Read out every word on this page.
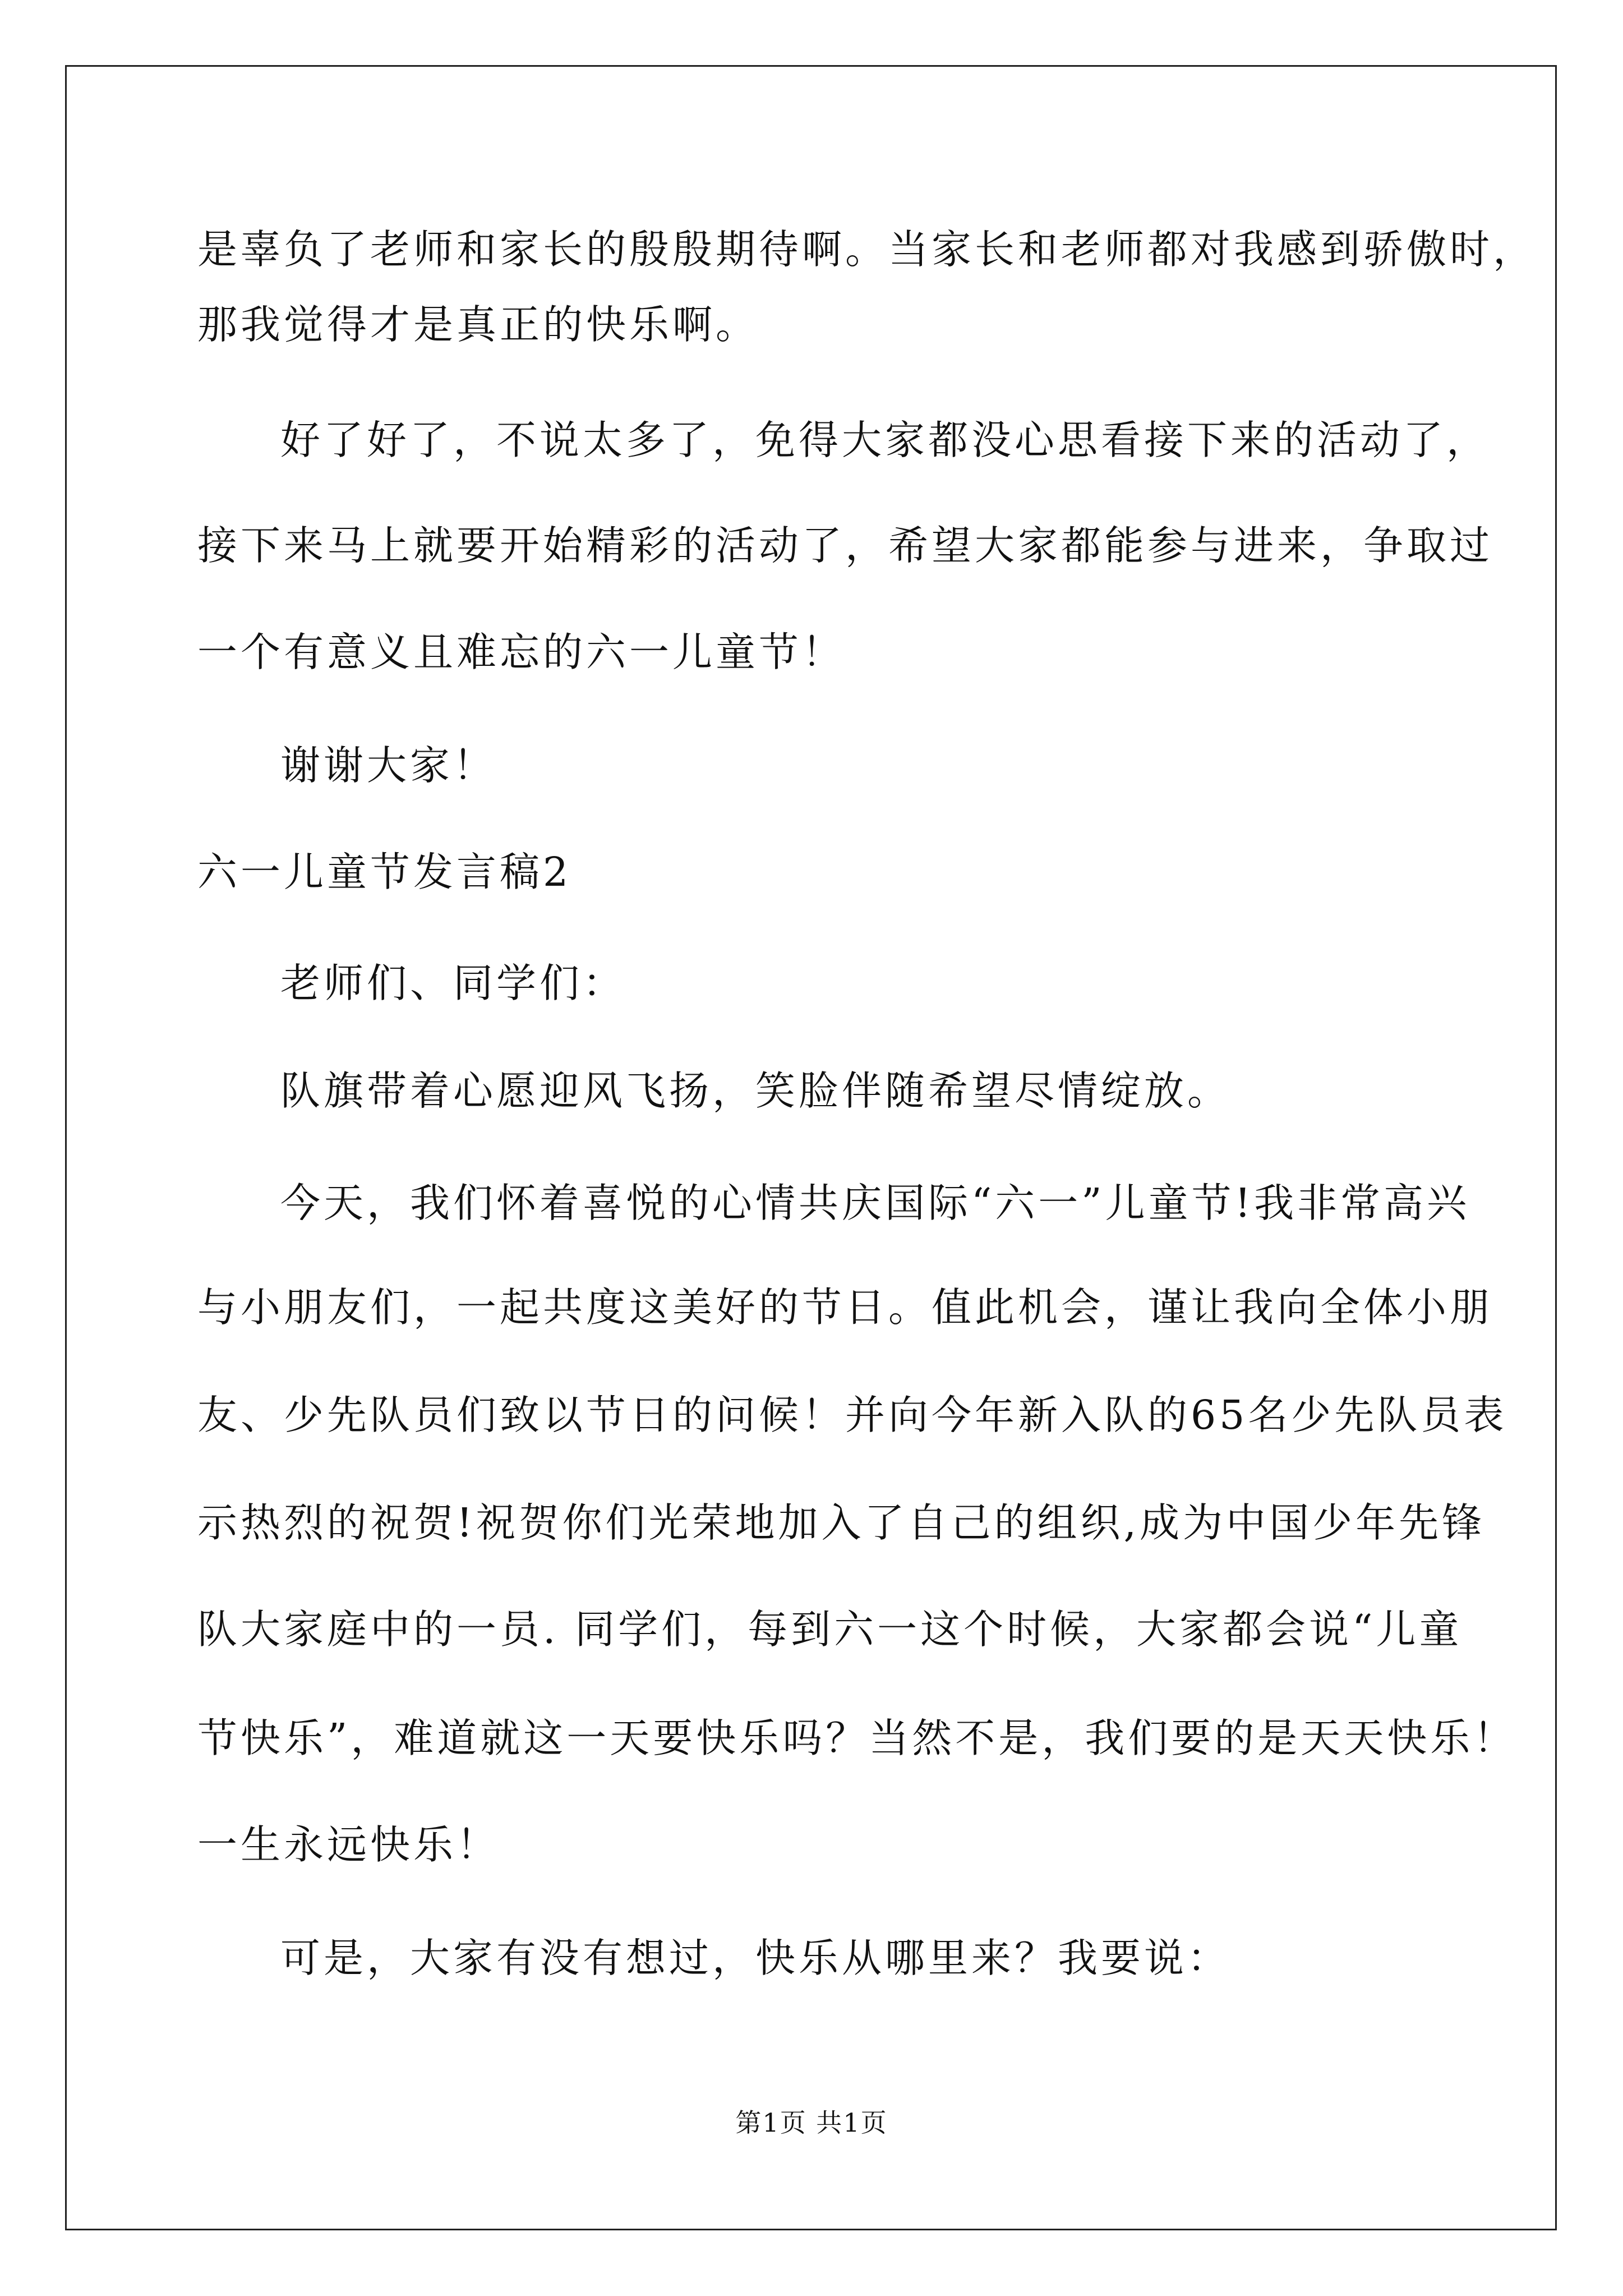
是辜负了老师和家长的殷殷期待啊。当家长和老师都对我感到骄傲时，
那我觉得才是真正的快乐啊。
好了好了，不说太多了，免得大家都没心思看接下来的活动了，
接下来马上就要开始精彩的活动了，希望大家都能参与进来，争取过
一个有意义且难忘的六一儿童节！
谢谢大家！
六一儿童节发言稿2
老师们、同学们：
队旗带着心愿迎风飞扬，笑脸伴随希望尽情绽放。
今天，我们怀着喜悦的心情共庆国际“六一”儿童节!我非常高兴
与小朋友们，一起共度这美好的节日。值此机会，谨让我向全体小朋
友、少先队员们致以节日的问候！并向今年新入队的65名少先队员表
示热烈的祝贺!祝贺你们光荣地加入了自己的组织,成为中国少年先锋
队大家庭中的一员. 同学们，每到六一这个时候，大家都会说“儿童
节快乐”，难道就这一天要快乐吗？当然不是，我们要的是天天快乐！
一生永远快乐！
可是，大家有没有想过，快乐从哪里来？我要说：
第1页 共1页
